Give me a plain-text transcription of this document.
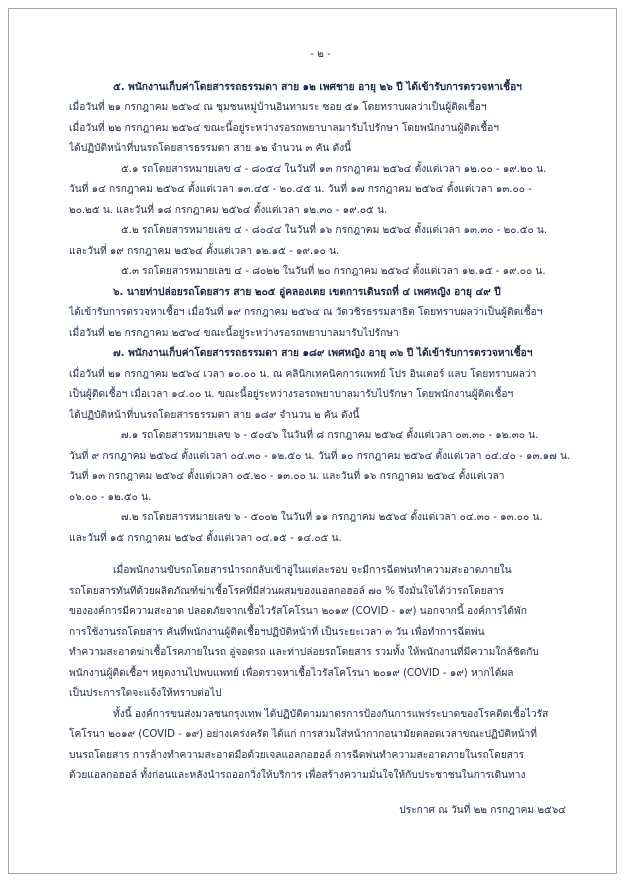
- ๒ -
๕. พนักงานเก็บค่าโดยสารรถธรรมดา สาย ๑๒ เพศชาย อายุ ๒๖ ปี ได้เข้ารับการตรวจหาเชื้อฯ
เมื่อวันที่ ๒๑ กรกฎาคม ๒๕๖๔ ณ ชุมชนหมู่บ้านอินทามระ ซอย ๕๑ โดยทราบผลว่าเป็นผู้ติดเชื้อฯ
เมื่อวันที่ ๒๒ กรกฎาคม ๒๕๖๔ ขณะนี้อยู่ระหว่างรอรถพยาบาลมารับไปรักษา โดยพนักงานผู้ติดเชื้อฯ
ได้ปฏิบัติหน้าที่บนรถโดยสารธรรมดา สาย ๑๒ จำนวน ๓ คัน ดังนี้
๕.๑ รถโดยสารหมายเลข ๔ - ๘๐๕๔ ในวันที่ ๑๓ กรกฎาคม ๒๕๖๔ ตั้งแต่เวลา ๑๒.๐๐ - ๑๙.๒๐ น.
วันที่ ๑๔ กรกฎาคม ๒๕๖๔ ตั้งแต่เวลา ๑๓.๔๕ - ๒๐.๔๕ น. วันที่ ๑๗ กรกฎาคม ๒๕๖๔ ตั้งแต่เวลา ๑๓.๐๐ -
๒๐.๒๕ น. และวันที่ ๑๘ กรกฎาคม ๒๕๖๔ ตั้งแต่เวลา ๑๒.๓๐ - ๑๙.๐๕ น.
๕.๒ รถโดยสารหมายเลข ๔ - ๘๐๔๔ ในวันที่ ๑๖ กรกฎาคม ๒๕๖๔ ตั้งแต่เวลา ๑๓.๓๐ - ๒๐.๕๐ น.
และวันที่ ๑๙ กรกฎาคม ๒๕๖๔ ตั้งแต่เวลา ๑๒.๑๕ - ๑๙.๑๐ น.
๕.๓ รถโดยสารหมายเลข ๔ - ๘๐๒๒ ในวันที่ ๒๐ กรกฎาคม ๒๕๖๔ ตั้งแต่เวลา ๑๒.๑๕ - ๑๙.๐๐ น.
๖. นายท่าปล่อยรถโดยสาร สาย ๒๐๕ อู่คลองเตย เขตการเดินรถที่ ๔ เพศหญิง อายุ ๔๙ ปี
ได้เข้ารับการตรวจหาเชื้อฯ เมื่อวันที่ ๑๙ กรกฎาคม ๒๕๖๔ ณ วัดวชิรธรรมสาธิต โดยทราบผลว่าเป็นผู้ติดเชื้อฯ
เมื่อวันที่ ๒๒ กรกฎาคม ๒๕๖๔ ขณะนี้อยู่ระหว่างรอรถพยาบาลมารับไปรักษา
๗. พนักงานเก็บค่าโดยสารรถธรรมดา สาย ๑๘๙ เพศหญิง อายุ ๓๖ ปี ได้เข้ารับการตรวจหาเชื้อฯ
เมื่อวันที่ ๒๑ กรกฎาคม ๒๕๖๔ เวลา ๑๐.๐๐ น. ณ คลินิกเทคนิคการแพทย์ โปร อินเตอร์ แลบ โดยทราบผลว่า
เป็นผู้ติดเชื้อฯ เมื่อเวลา ๑๔.๐๐ น. ขณะนี้อยู่ระหว่างรอรถพยาบาลมารับไปรักษา โดยพนักงานผู้ติดเชื้อฯ
ได้ปฏิบัติหน้าที่บนรถโดยสารธรรมดา สาย ๑๘๙ จำนวน ๒ คัน ดังนี้
๗.๑ รถโดยสารหมายเลข ๖ - ๕๐๔๖ ในวันที่ ๘ กรกฎาคม ๒๕๖๔ ตั้งแต่เวลา ๐๓.๓๐ - ๑๒.๓๐ น.
วันที่ ๙ กรกฎาคม ๒๕๖๔ ตั้งแต่เวลา ๐๔.๓๐ - ๑๒.๕๐ น. วันที่ ๑๐ กรกฎาคม ๒๕๖๔ ตั้งแต่เวลา ๐๔.๔๐ - ๑๓.๑๗ น.
วันที่ ๑๓ กรกฎาคม ๒๕๖๔ ตั้งแต่เวลา ๐๕.๒๐ - ๑๓.๐๐ น. และวันที่ ๑๖ กรกฎาคม ๒๕๖๔ ตั้งแต่เวลา
๐๖.๐๐ - ๑๒.๕๐ น.
๗.๒ รถโดยสารหมายเลข ๖ - ๕๐๐๒ ในวันที่ ๑๑ กรกฎาคม ๒๕๖๔ ตั้งแต่เวลา ๐๔.๓๐ - ๑๓.๐๐ น.
และวันที่ ๑๕ กรกฎาคม ๒๕๖๔ ตั้งแต่เวลา ๐๔.๑๕ - ๑๔.๐๕ น.
เมื่อพนักงานขับรถโดยสารนำรถกลับเข้าอู่ในแต่ละรอบ จะมีการฉีดพ่นทำความสะอาดภายใน
รถโดยสารทันทีด้วยผลิตภัณฑ์ฆ่าเชื้อโรคที่มีส่วนผสมของแอลกอฮอล์ ๗๐ % จึงมั่นใจได้ว่ารถโดยสาร
ขององค์การมีความสะอาด ปลอดภัยจากเชื้อไวรัสโคโรนา ๒๐๑๙ (COVID - ๑๙) นอกจากนี้ องค์การได้พัก
การใช้งานรถโดยสาร คันที่พนักงานผู้ติดเชื้อฯปฏิบัติหน้าที่ เป็นระยะเวลา ๓ วัน เพื่อทำการฉีดพ่น
ทำความสะอาดฆ่าเชื้อโรคภายในรถ อู่จอดรถ และท่าปล่อยรถโดยสาร รวมทั้ง ให้พนักงานที่มีความใกล้ชิดกับ
พนักงานผู้ติดเชื้อฯ หยุดงานไปพบแพทย์ เพื่อตรวจหาเชื้อไวรัสโคโรนา ๒๐๑๙ (COVID - ๑๙) หากได้ผล
เป็นประการใดจะแจ้งให้ทราบต่อไป
ทั้งนี้ องค์การขนส่งมวลชนกรุงเทพ ได้ปฏิบัติตามมาตรการป้องกันการแพร่ระบาดของโรคติดเชื้อไวรัส
โคโรนา ๒๐๑๙ (COVID - ๑๙) อย่างเคร่งครัด ได้แก่ การสวมใส่หน้ากากอนามัยตลอดเวลาขณะปฏิบัติหน้าที่
บนรถโดยสาร การล้างทำความสะอาดมือด้วยเจลแอลกอฮอล์ การฉีดพ่นทำความสะอาดภายในรถโดยสาร
ด้วยแอลกอฮอล์ ทั้งก่อนและหลังนำรถออกวิ่งให้บริการ เพื่อสร้างความมั่นใจให้กับประชาชนในการเดินทาง
ประกาศ ณ วันที่ ๒๒ กรกฎาคม ๒๕๖๔
